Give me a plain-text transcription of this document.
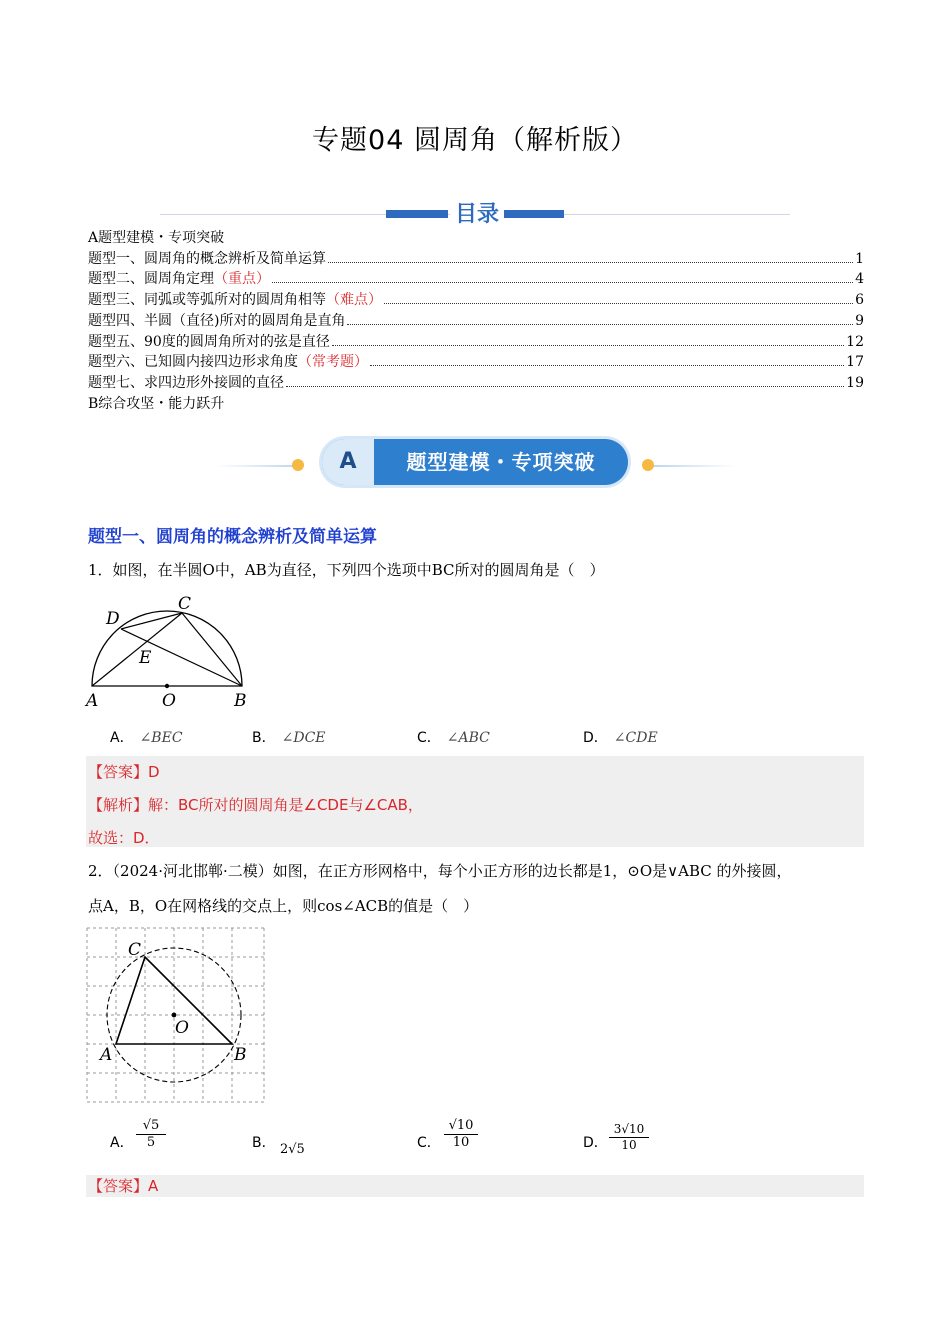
专题04 圆周角（解析版）
目录
A题型建模・专项突破
题型一、圆周角的概念辨析及简单运算	1
题型二、圆周角定理 （重点）	4
题型三、同弧或等弧所对的圆周角相等 （难点）	6
题型四、半圆（直径)所对的圆周角是直角	9
题型五、90度的圆周角所对的弦是直径	12
题型六、已知圆内接四边形求角度 （常考题）	17
题型七、求四边形外接圆的直径	19
B综合攻坚・能力跃升
A	题型建模・专项突破
题型一、圆周角的概念辨析及简单运算
1．如图，在半圆O中，AB为直径，下列四个选项中BC所对的圆周角是（　）
A	B
C
D
E
O
A． ∠BEC	B． ∠DCE	C． ∠ABC	D． ∠CDE
【答案】D
【解析】解：BC所对的圆周角是∠CDE与∠CAB，
故选：D．
2．（2024·河北邯郸·二模）如图，在正方形网格中，每个小正方形的边长都是1，⊙O是∨ABC 的外接圆，
点A，B，O在网格线的交点上，则cos∠ACB的值是（　）
A	B
C
O
A． $\frac{√5}{5}$	B． 2√5	C． $\frac{√10}{10}$	D． $\frac{3√10}{10}$
【答案】A
